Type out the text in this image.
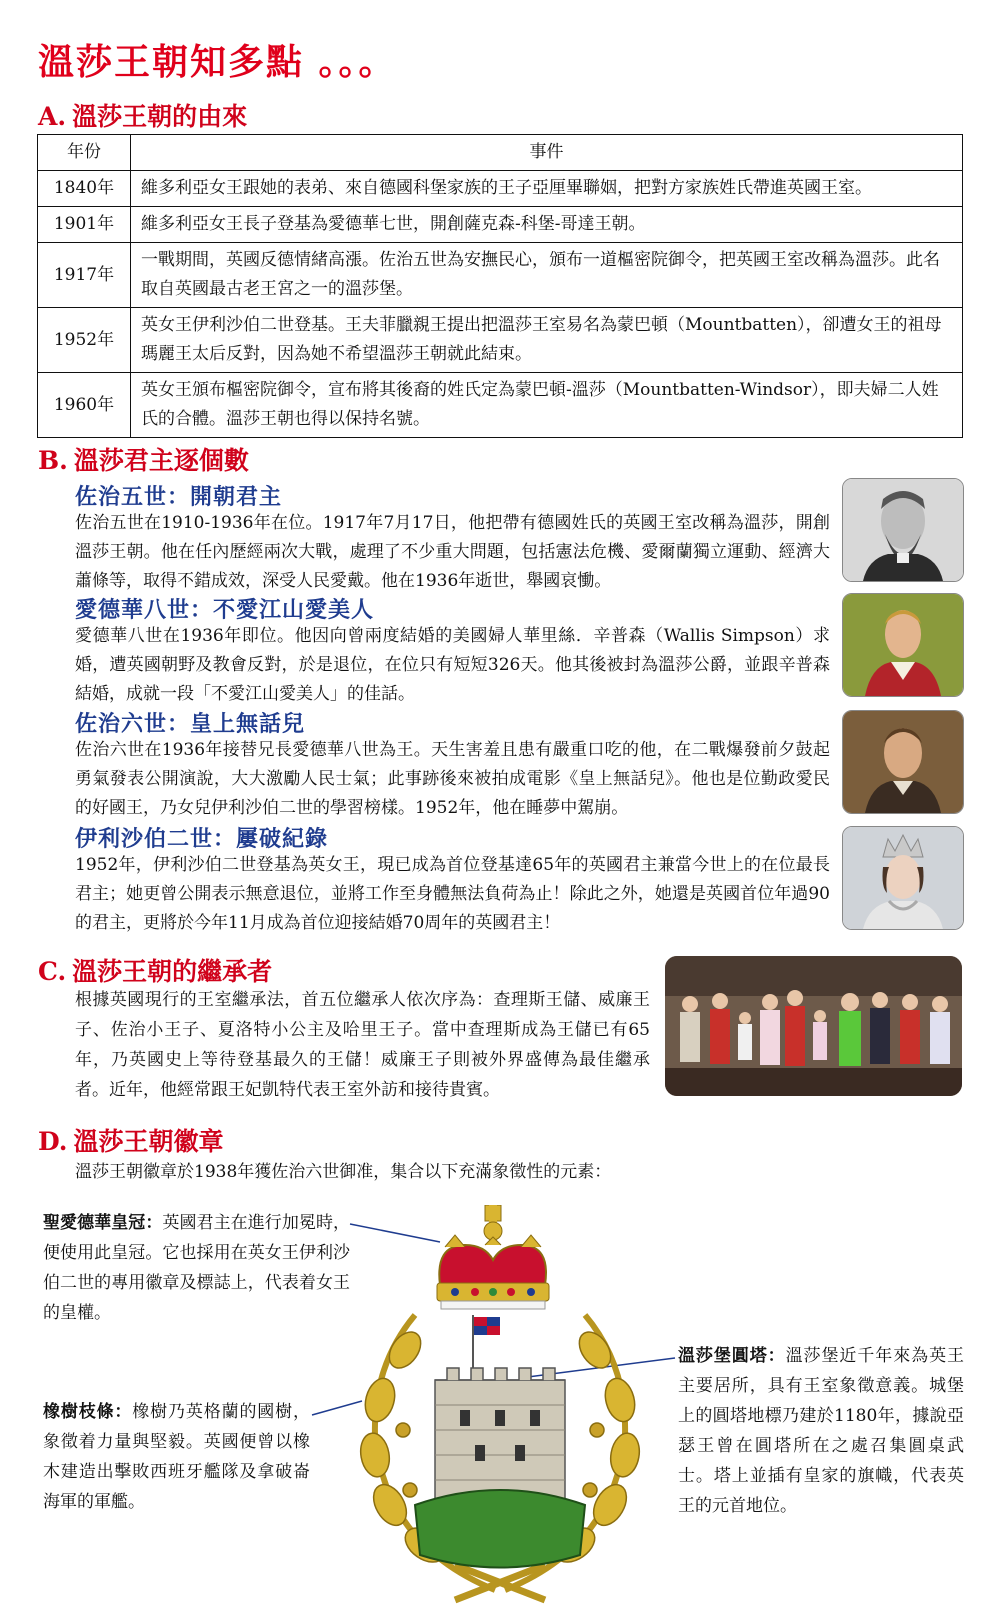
溫莎王朝知多點 。。。
A. 溫莎王朝的由來
年份	事件
1840年	維多利亞女王跟她的表弟、來自德國科堡家族的王子亞厘畢聯姻，把對方家族姓氏帶進英國王室。
1901年	維多利亞女王長子登基為愛德華七世，開創薩克森-科堡-哥達王朝。
1917年	一戰期間，英國反德情緒高漲。佐治五世為安撫民心，頒布一道樞密院御令，把英國王室改稱為溫莎。此名取自英國最古老王宮之一的溫莎堡。
1952年	英女王伊利沙伯二世登基。王夫菲臘親王提出把溫莎王室易名為蒙巴頓（Mountbatten），卻遭女王的祖母瑪麗王太后反對，因為她不希望溫莎王朝就此結束。
1960年	英女王頒布樞密院御令，宣布將其後裔的姓氏定為蒙巴頓-溫莎（Mountbatten-Windsor），即夫婦二人姓氏的合體。溫莎王朝也得以保持名號。
B. 溫莎君主逐個數
佐治五世：開朝君主

佐治五世在1910-1936年在位。1917年7月17日，他把帶有德國姓氏的英國王室改稱為溫莎，開創溫莎王朝。他在任內歷經兩次大戰，處理了不少重大問題，包括憲法危機、愛爾蘭獨立運動、經濟大蕭條等，取得不錯成效，深受人民愛戴。他在1936年逝世，舉國哀慟。

愛德華八世：不愛江山愛美人

愛德華八世在1936年即位。他因向曾兩度結婚的美國婦人華里絲．辛普森（Wallis Simpson）求婚，遭英國朝野及教會反對，於是退位，在位只有短短326天。他其後被封為溫莎公爵，並跟辛普森結婚，成就一段「不愛江山愛美人」的佳話。

佐治六世：皇上無話兒

佐治六世在1936年接替兄長愛德華八世為王。天生害羞且患有嚴重口吃的他，在二戰爆發前夕鼓起勇氣發表公開演說，大大激勵人民士氣；此事跡後來被拍成電影《皇上無話兒》。他也是位勤政愛民的好國王，乃女兒伊利沙伯二世的學習榜樣。1952年，他在睡夢中駕崩。

伊利沙伯二世：屢破紀錄

1952年，伊利沙伯二世登基為英女王，現已成為首位登基達65年的英國君主兼當今世上的在位最長君主；她更曾公開表示無意退位，並將工作至身體無法負荷為止！除此之外，她還是英國首位年過90的君主，更將於今年11月成為首位迎接結婚70周年的英國君主！

C. 溫莎王朝的繼承者

根據英國現行的王室繼承法，首五位繼承人依次序為：查理斯王儲、威廉王子、佐治小王子、夏洛特小公主及哈里王子。當中查理斯成為王儲已有65年，乃英國史上等待登基最久的王儲！威廉王子則被外界盛傳為最佳繼承者。近年，他經常跟王妃凱特代表王室外訪和接待貴賓。

D. 溫莎王朝徽章

溫莎王朝徽章於1938年獲佐治六世御准，集合以下充滿象徵性的元素：

聖愛德華皇冠：英國君主在進行加冕時，便使用此皇冠。它也採用在英女王伊利沙伯二世的專用徽章及標誌上，代表着女王的皇權。

橡樹枝條：橡樹乃英格蘭的國樹，象徵着力量與堅毅。英國便曾以橡木建造出擊敗西班牙艦隊及拿破崙海軍的軍艦。

溫莎堡圓塔：溫莎堡近千年來為英王主要居所，具有王室象徵意義。城堡上的圓塔地標乃建於1180年，據說亞瑟王曾在圓塔所在之處召集圓桌武士。塔上並插有皇家的旗幟，代表英王的元首地位。
